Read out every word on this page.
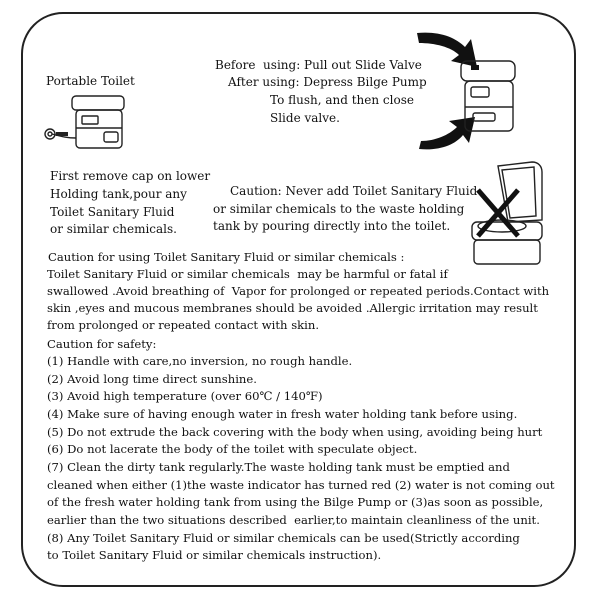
Portable Toilet
Before  using: Pull out Slide Valve
After using: Depress Bilge Pump
To flush, and then close
Slide valve.
First remove cap on lower
Holding tank,pour any
Toilet Sanitary Fluid
or similar chemicals.
Caution: Never add Toilet Sanitary Fluid
or similar chemicals to the waste holding
tank by pouring directly into the toilet.
Caution for using Toilet Sanitary Fluid or similar chemicals :
Toilet Sanitary Fluid or similar chemicals  may be harmful or fatal if
swallowed .Avoid breathing of  Vapor for prolonged or repeated periods.Contact with
skin ,eyes and mucous membranes should be avoided .Allergic irritation may result
from prolonged or repeated contact with skin.
Caution for safety:
(1) Handle with care,no inversion, no rough handle.
(2) Avoid long time direct sunshine.
(3) Avoid high temperature (over 60℃ / 140℉)
(4) Make sure of having enough water in fresh water holding tank before using.
(5) Do not extrude the back covering with the body when using, avoiding being hurt
(6) Do not lacerate the body of the toilet with speculate object.
(7) Clean the dirty tank regularly.The waste holding tank must be emptied and
cleaned when either (1)the waste indicator has turned red (2) water is not coming out
of the fresh water holding tank from using the Bilge Pump or (3)as soon as possible,
earlier than the two situations described  earlier,to maintain cleanliness of the unit.
(8) Any Toilet Sanitary Fluid or similar chemicals can be used(Strictly according
to Toilet Sanitary Fluid or similar chemicals instruction).
